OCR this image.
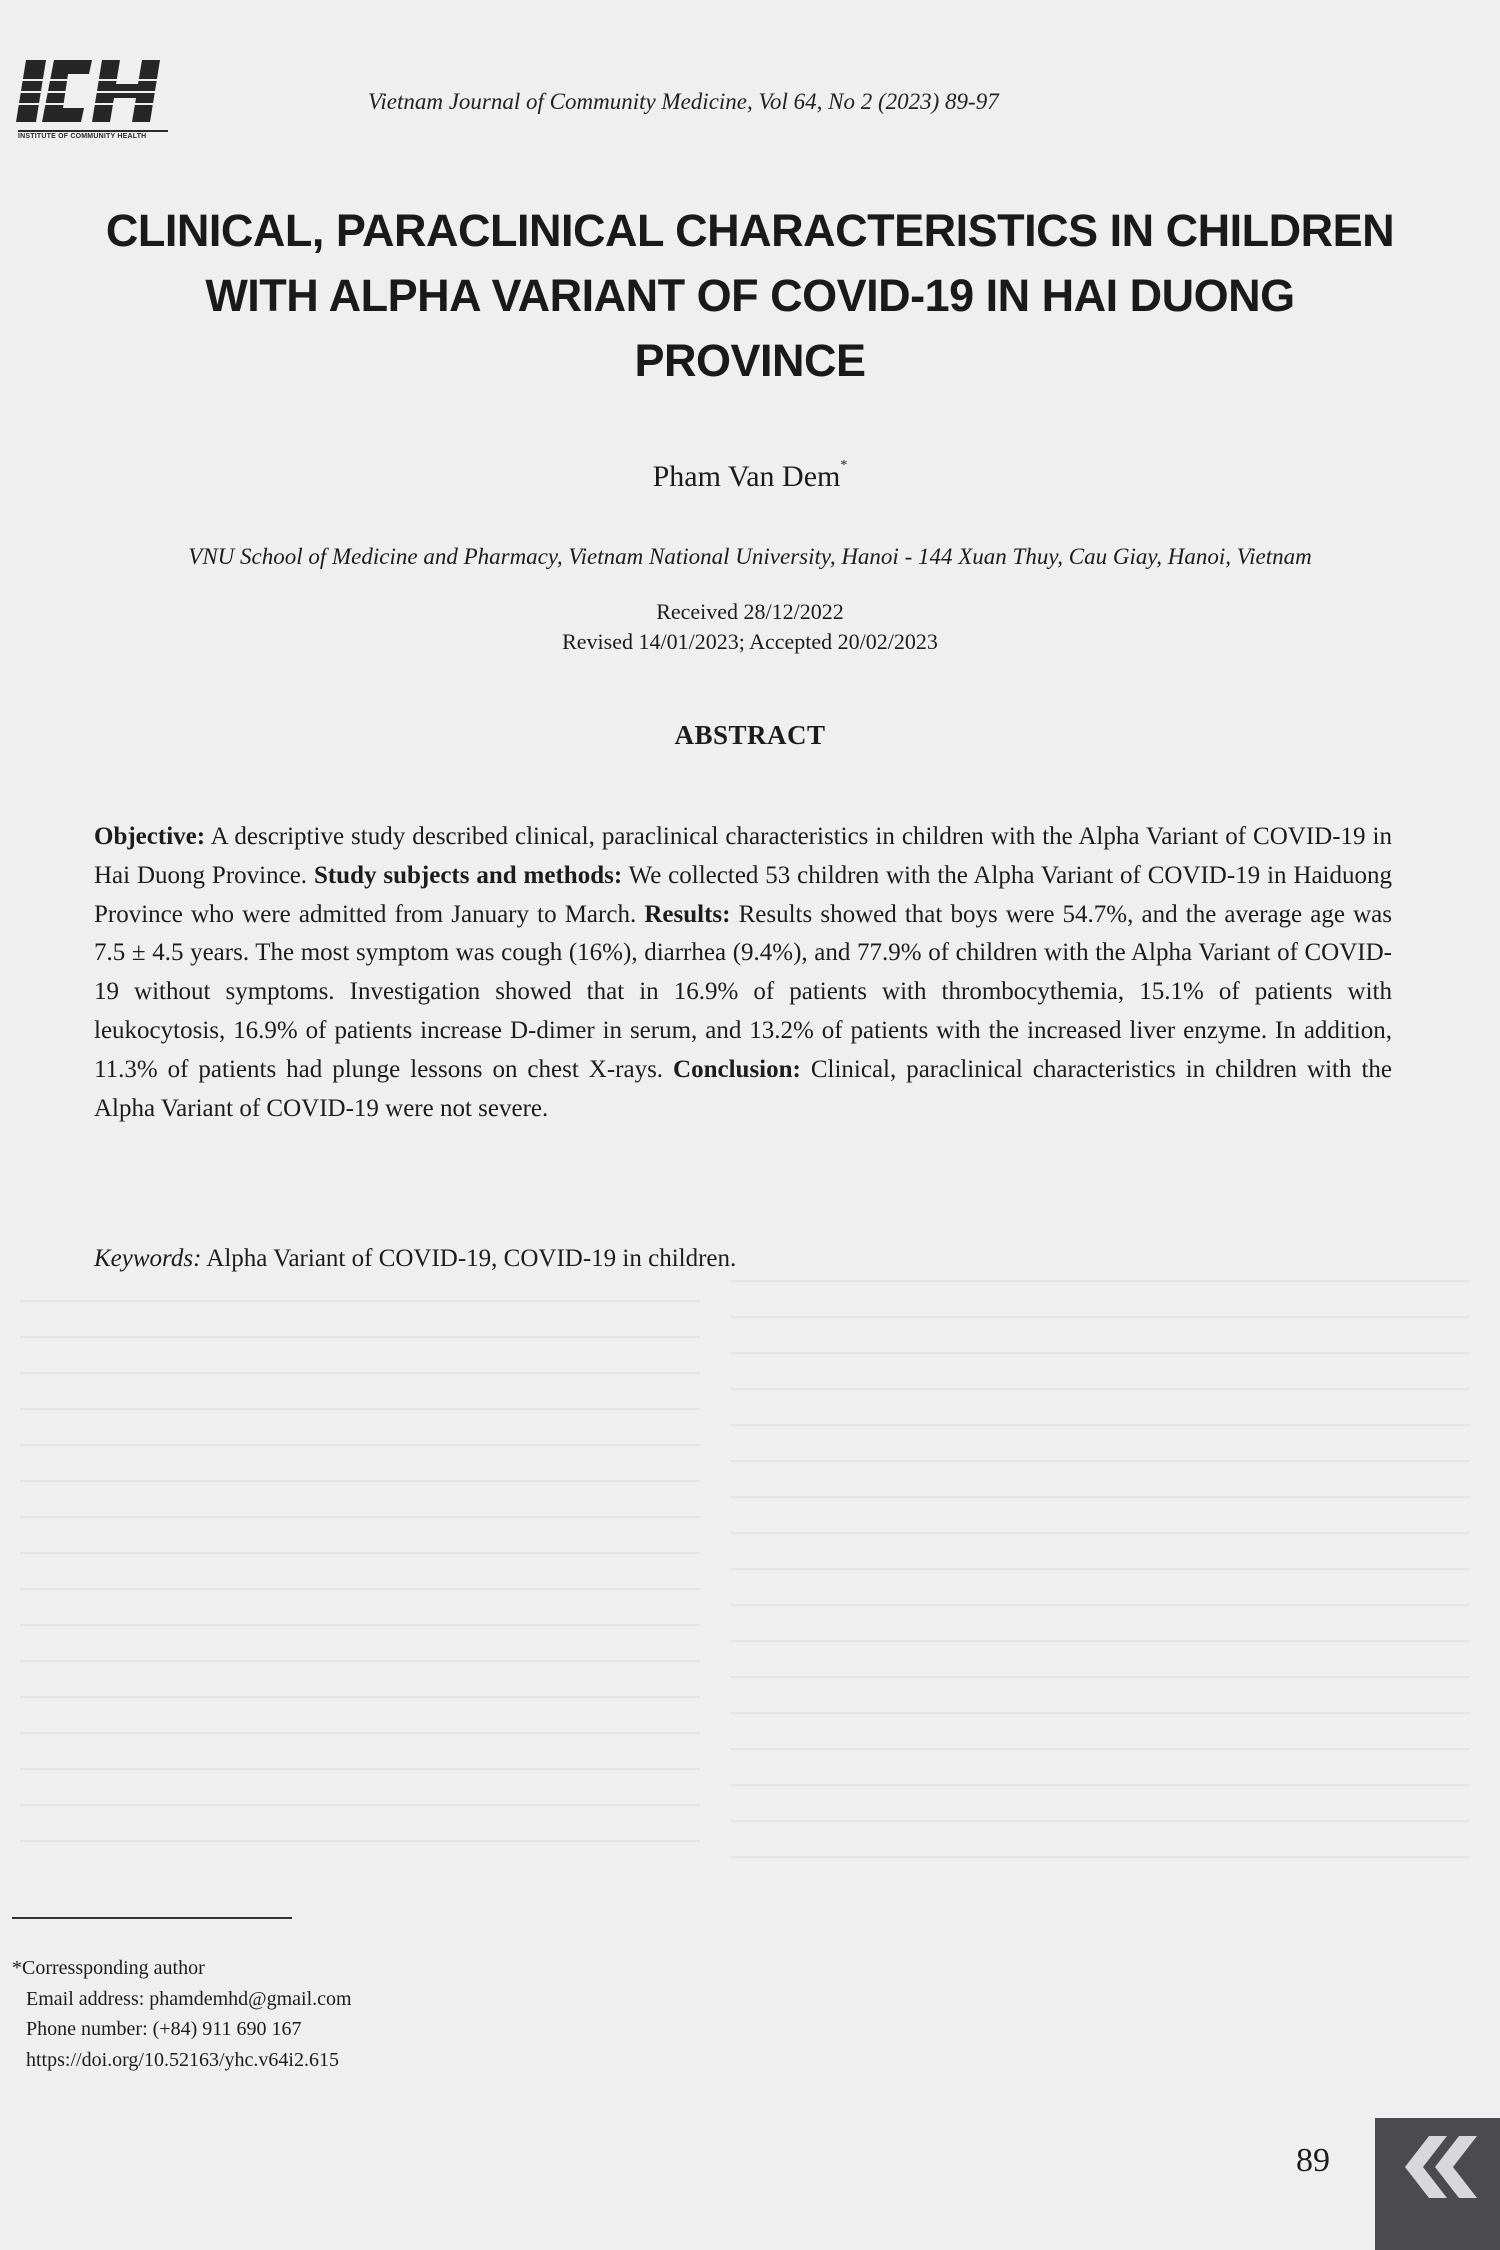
INSTITUTE OF COMMUNITY HEALTH
Vietnam Journal of Community Medicine, Vol 64, No 2 (2023) 89-97
CLINICAL, PARACLINICAL CHARACTERISTICS IN CHILDREN
WITH ALPHA VARIANT OF COVID-19 IN HAI DUONG
PROVINCE
Pham Van Dem*
VNU School of Medicine and Pharmacy, Vietnam National University, Hanoi - 144 Xuan Thuy, Cau Giay, Hanoi, Vietnam
Received 28/12/2022
Revised 14/01/2023; Accepted 20/02/2023
ABSTRACT

Objective: A descriptive study described clinical, paraclinical characteristics in children with the Alpha Variant of COVID-19 in Hai Duong Province. Study subjects and methods: We collected 53 children with the Alpha Variant of COVID-19 in Haiduong Province who were admitted from January to March. Results: Results showed that boys were 54.7%, and the average age was 7.5 ± 4.5 years. The most symptom was cough (16%), diarrhea (9.4%), and 77.9% of children with the Alpha Variant of COVID-19 without symptoms. Investigation showed that in 16.9% of patients with thrombocythemia, 15.1% of patients with leukocytosis, 16.9% of patients increase D-dimer in serum, and 13.2% of patients with the increased liver enzyme. In addition, 11.3% of patients had plunge lessons on chest X-rays. Conclusion: Clinical, paraclinical characteristics in children with the Alpha Variant of COVID-19 were not severe.

Keywords: Alpha Variant of COVID-19, COVID-19 in children.
*Corressponding author
Email address: phamdemhd@gmail.com
Phone number: (+84) 911 690 167
https://doi.org/10.52163/yhc.v64i2.615
89
